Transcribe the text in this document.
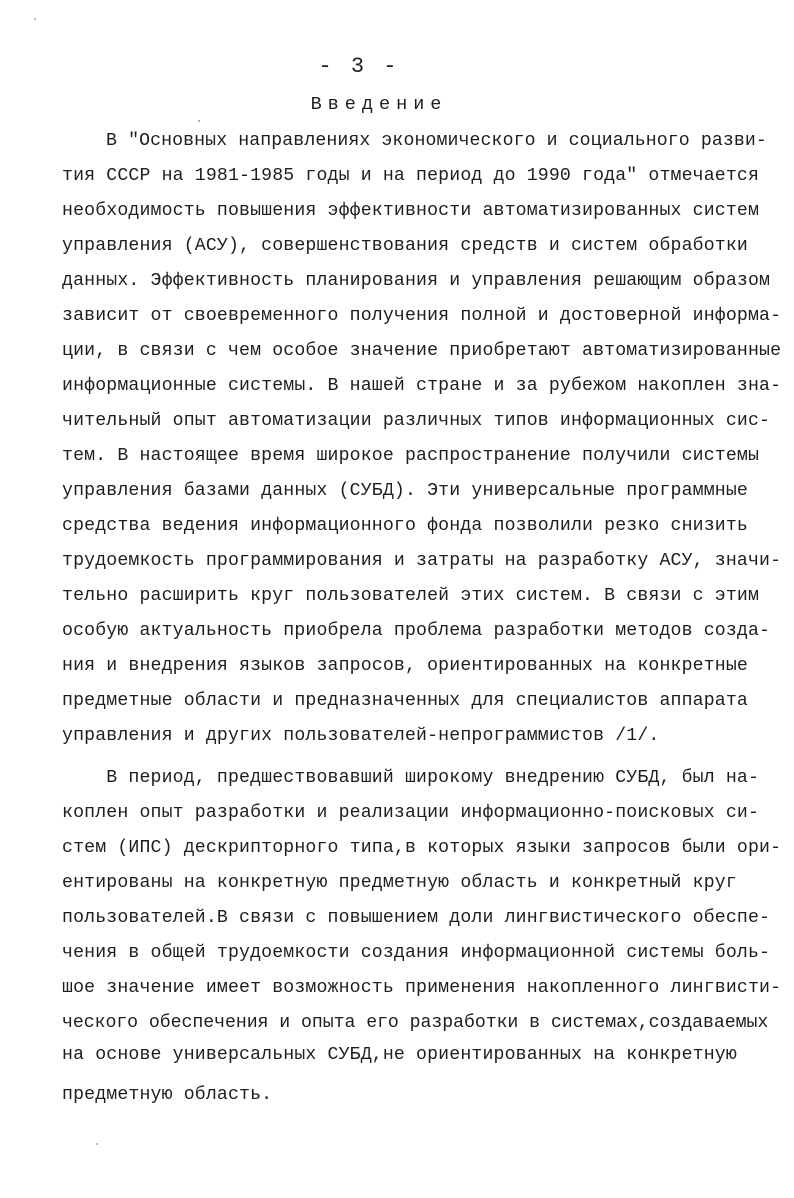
- 3 -
Введение
В "Основных направлениях экономического и социального разви-
тия СССР на 1981-1985 годы и на период до 1990 года" отмечается
необходимость повышения эффективности автоматизированных систем
управления (АСУ), совершенствования средств и систем обработки
данных. Эффективность планирования и управления решающим образом
зависит от своевременного получения полной и достоверной информа-
ции, в связи с чем особое значение приобретают автоматизированные
информационные системы. В нашей стране и за рубежом накоплен зна-
чительный опыт автоматизации различных типов информационных сис-
тем. В настоящее время широкое распространение получили системы
управления базами данных (СУБД). Эти универсальные программные
средства ведения информационного фонда позволили резко снизить
трудоемкость программирования и затраты на разработку АСУ, значи-
тельно расширить круг пользователей этих систем. В связи с этим
особую актуальность приобрела проблема разработки методов созда-
ния и внедрения языков запросов, ориентированных на конкретные
предметные области и предназначенных для специалистов аппарата
управления и других пользователей-непрограммистов /1/.
В период, предшествовавший широкому внедрению СУБД, был на-
коплен опыт разработки и реализации информационно-поисковых си-
стем (ИПС) дескрипторного типа,в которых языки запросов были ори-
ентированы на конкретную предметную область и конкретный круг
пользователей.В связи с повышением доли лингвистического обеспе-
чения в общей трудоемкости создания информационной системы боль-
шое значение имеет возможность применения накопленного лингвисти-
ческого обеспечения и опыта его разработки в системах,создаваемых
на основе универсальных СУБД,не ориентированных на конкретную
предметную область.
